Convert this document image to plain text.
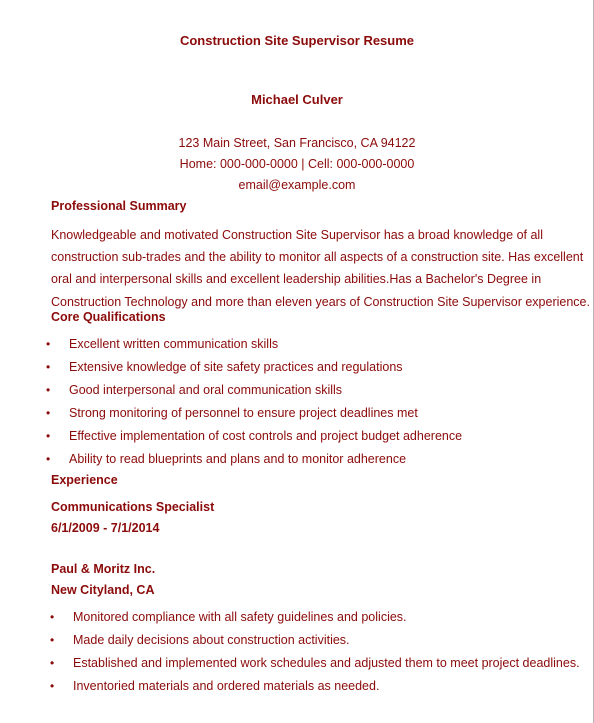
Construction Site Supervisor Resume
Michael Culver
123 Main Street, San Francisco, CA 94122
Home: 000-000-0000 | Cell: 000-000-0000
email@example.com
Professional Summary

Knowledgeable and motivated Construction Site Supervisor has a broad knowledge of all
construction sub-trades and the ability to monitor all aspects of a construction site. Has excellent
oral and interpersonal skills and excellent leadership abilities.Has a Bachelor's Degree in
Construction Technology and more than eleven years of Construction Site Supervisor experience.

Core Qualifications
• Excellent written communication skills
• Extensive knowledge of site safety practices and regulations
• Good interpersonal and oral communication skills
• Strong monitoring of personnel to ensure project deadlines met
• Effective implementation of cost controls and project budget adherence
• Ability to read blueprints and plans and to monitor adherence
Experience
Communications Specialist
6/1/2009 - 7/1/2014
Paul & Moritz Inc.
New Cityland, CA
• Monitored compliance with all safety guidelines and policies.
• Made daily decisions about construction activities.
• Established and implemented work schedules and adjusted them to meet project deadlines.
• Inventoried materials and ordered materials as needed.
